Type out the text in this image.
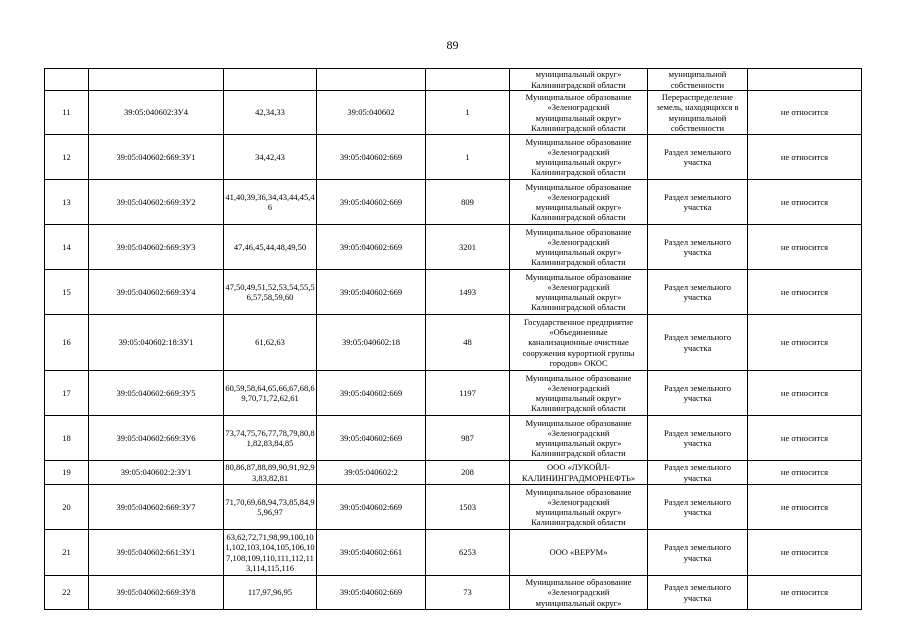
89

					муниципальный округ»
Калининградской области	муниципальной
собственности	

11	39:05:040602:ЗУ4	42,34,33	39:05:040602	1	Муниципальное образование
«Зеленоградский
муниципальный округ»
Калининградской области	Перераспределение
земель, находящихся в
муниципальной
собственности	не относится
12	39:05:040602:669:ЗУ1	34,42,43	39:05:040602:669	1	Муниципальное образование
«Зеленоградский
муниципальный округ»
Калининградской области	Раздел земельного
участка	не относится
13	39:05:040602:669:ЗУ2	41,40,39,36,34,43,44,45,46	39:05:040602:669	809	Муниципальное образование
«Зеленоградский
муниципальный округ»
Калининградской области	Раздел земельного
участка	не относится
14	39:05:040602:669:ЗУ3	47,46,45,44,48,49,50	39:05:040602:669	3201	Муниципальное образование
«Зеленоградский
муниципальный округ»
Калининградской области	Раздел земельного
участка	не относится
15	39:05:040602:669:ЗУ4	47,50,49,51,52,53,54,55,56,57,58,59,60	39:05:040602:669	1493	Муниципальное образование
«Зеленоградский
муниципальный округ»
Калининградской области	Раздел земельного
участка	не относится
16	39:05:040602:18:ЗУ1	61,62,63	39:05:040602:18	48	Государственное предприятие
«Объединенные
канализационные очистные
сооружения курортной группы
городов» ОКОС	Раздел земельного
участка	не относится
17	39:05:040602:669:ЗУ5	60,59,58,64,65,66,67,68,69,70,71,72,62,61	39:05:040602:669	1197	Муниципальное образование
«Зеленоградский
муниципальный округ»
Калининградской области	Раздел земельного
участка	не относится
18	39:05:040602:669:ЗУ6	73,74,75,76,77,78,79,80,81,82,83,84,85	39:05:040602:669	987	Муниципальное образование
«Зеленоградский
муниципальный округ»
Калининградской области	Раздел земельного
участка	не относится
19	39:05:040602:2:ЗУ1	80,86,87,88,89,90,91,92,93,83,82,81	39:05:040602:2	208	ООО «ЛУКОЙЛ-
КАЛИНИНГРАДМОРНЕФТЬ»	Раздел земельного
участка	не относится
20	39:05:040602:669:ЗУ7	71,70,69,68,94,73,85,84,95,96,97	39:05:040602:669	1503	Муниципальное образование
«Зеленоградский
муниципальный округ»
Калининградской области	Раздел земельного
участка	не относится
21	39:05:040602:661:ЗУ1	63,62,72,71,98,99,100,101,102,103,104,105,106,107,108,109,110,111,112,113,114,115,116	39:05:040602:661	6253	ООО «ВЕРУМ»	Раздел земельного
участка	не относится
22	39:05:040602:669:ЗУ8	117,97,96,95	39:05:040602:669	73	Муниципальное образование
«Зеленоградский
муниципальный округ»	Раздел земельного
участка	не относится
